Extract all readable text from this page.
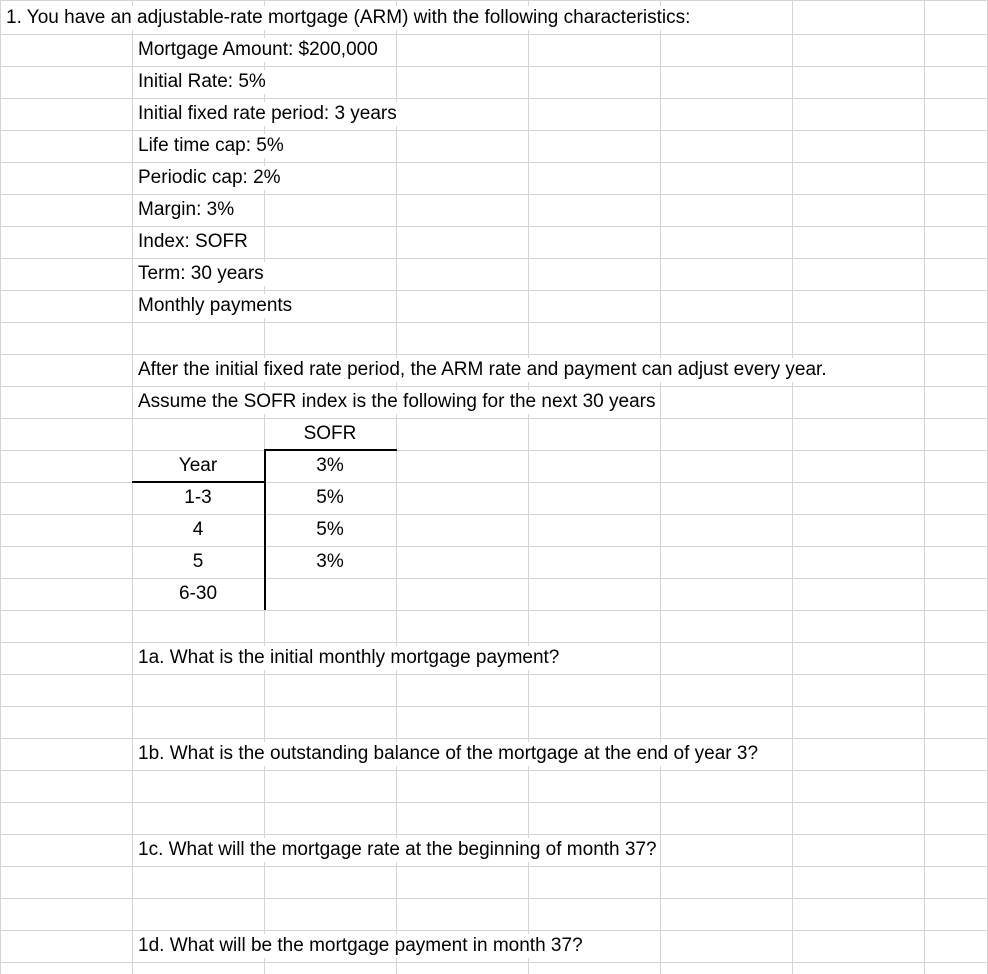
1. You have an adjustable-rate mortgage (ARM) with the following characteristics:
Mortgage Amount: $200,000
Initial Rate: 5%
Initial fixed rate period: 3 years
Life time cap: 5%
Periodic cap: 2%
Margin: 3%
Index: SOFR
Term: 30 years
Monthly payments
After the initial fixed rate period, the ARM rate and payment can adjust every year.
Assume the SOFR index is the following for the next 30 years
SOFR
Year	3%
1-3	5%
4	5%
5	3%
6-30
1a. What is the initial monthly mortgage payment?
1b. What is the outstanding balance of the mortgage at the end of year 3?
1c. What will the mortgage rate at the beginning of month 37?
1d. What will be the mortgage payment in month 37?
